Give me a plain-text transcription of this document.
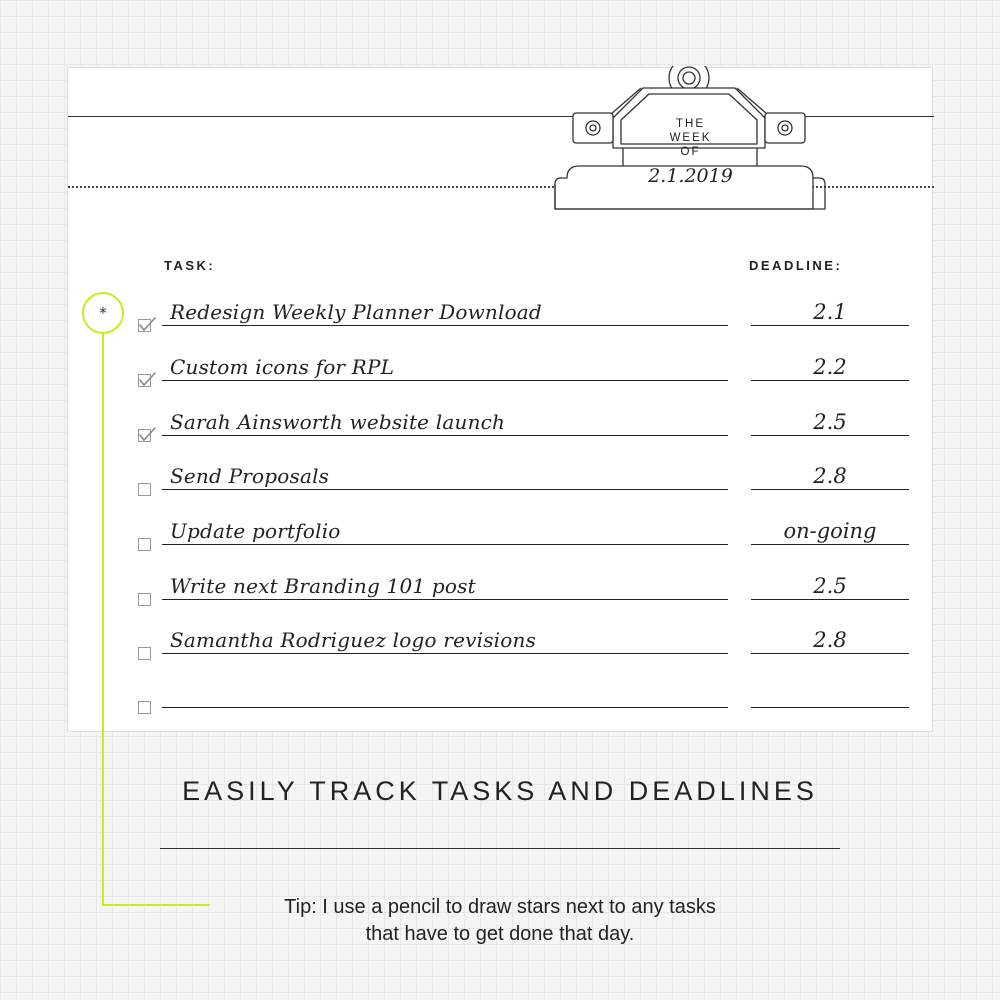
THE
WEEK
OF
2.1.2019
TASK:	DEADLINE:
Redesign Weekly Planner Download	2.1
Custom icons for RPL	2.2
Sarah Ainsworth website launch	2.5
Send Proposals	2.8
Update portfolio	on-going
Write next Branding 101 post	2.5
Samantha Rodriguez logo revisions	2.8
*
EASILY TRACK TASKS AND DEADLINES
Tip: I use a pencil to draw stars next to any tasks
that have to get done that day.
